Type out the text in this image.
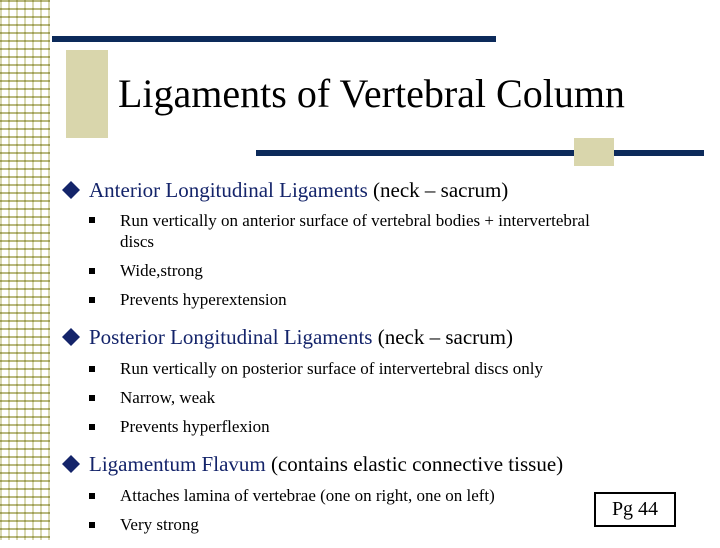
Ligaments of Vertebral Column
Anterior Longitudinal Ligaments (neck – sacrum)
Run vertically on anterior surface of vertebral bodies + intervertebral discs
Wide,strong
Prevents hyperextension
Posterior Longitudinal Ligaments (neck – sacrum)
Run vertically on posterior surface of intervertebral discs only
Narrow, weak
Prevents hyperflexion
Ligamentum Flavum (contains elastic connective tissue)
Attaches lamina of vertebrae (one on right, one on left)
Very strong
Pg 44
